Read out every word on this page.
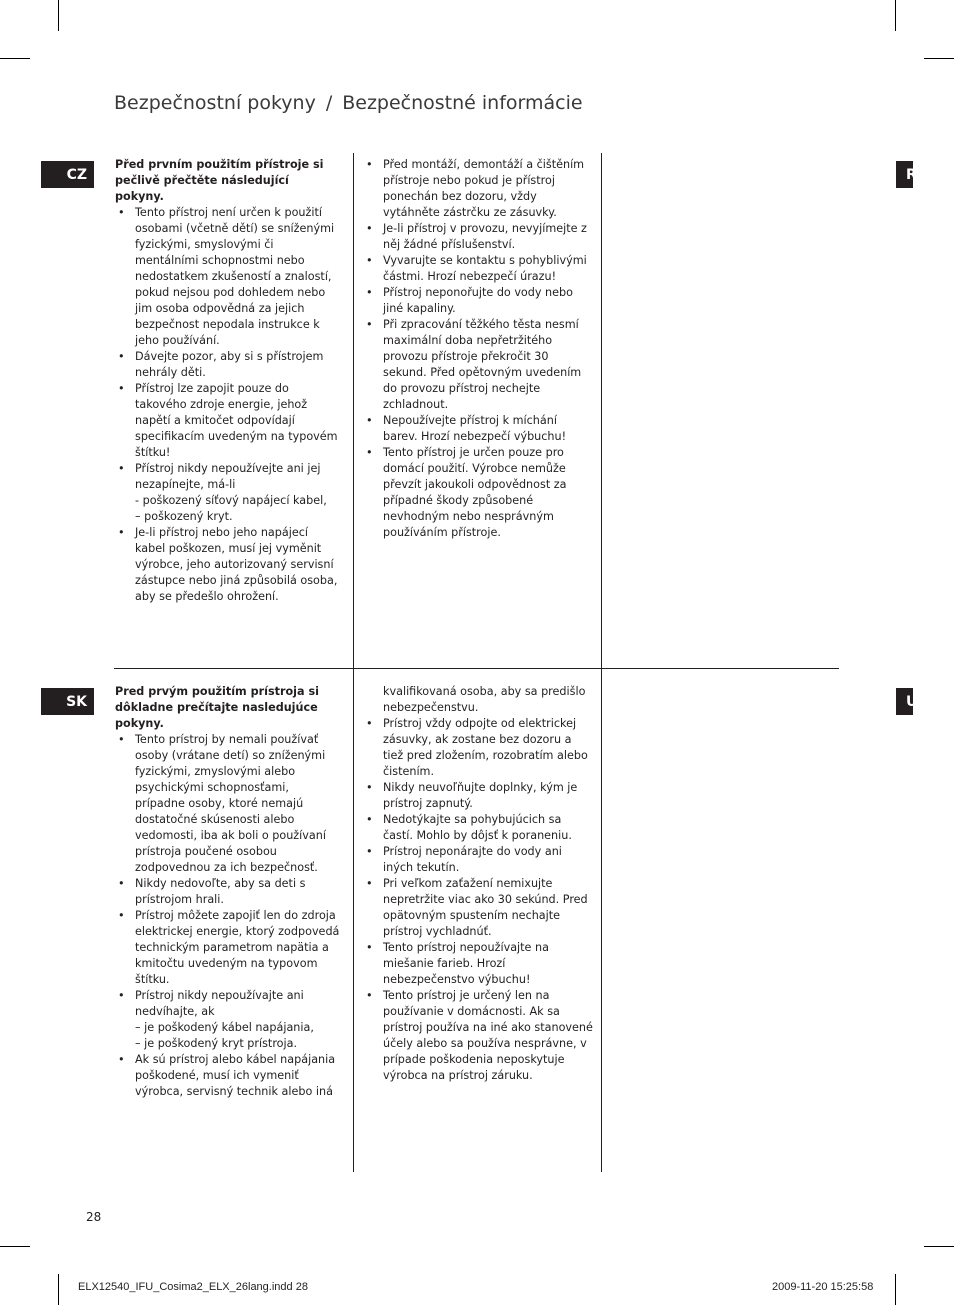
Bezpečnostní pokyny / Bezpečnostné informácie
CZ
SK
R
U
Před prvním použitím přístroje si pečlivě přečtěte následující pokyny.
• Tento přístroj není určen k použití osobami (včetně dětí) se sníženými fyzickými, smyslovými či mentálními schopnostmi nebo nedostatkem zkušeností a znalostí, pokud nejsou pod dohledem nebo jim osoba odpovědná za jejich bezpečnost nepodala instrukce k jeho používání.
• Dávejte pozor, aby si s přístrojem nehrály děti.
• Přístroj lze zapojit pouze do takového zdroje energie, jehož napětí a kmitočet odpovídají specifikacím uvedeným na typovém štítku!
• Přístroj nikdy nepoužívejte ani jej nezapínejte, má-li
- poškozený síťový napájecí kabel,
– poškozený kryt.
• Je-li přístroj nebo jeho napájecí kabel poškozen, musí jej vyměnit výrobce, jeho autorizovaný servisní zástupce nebo jiná způsobilá osoba, aby se předešlo ohrožení.
• Před montáží, demontáží a čištěním přístroje nebo pokud je přístroj ponechán bez dozoru, vždy vytáhněte zástrčku ze zásuvky.
• Je-li přístroj v provozu, nevyjímejte z něj žádné příslušenství.
• Vyvarujte se kontaktu s pohyblivými částmi. Hrozí nebezpečí úrazu!
• Přístroj neponořujte do vody nebo jiné kapaliny.
• Při zpracování těžkého těsta nesmí maximální doba nepřetržitého provozu přístroje překročit 30 sekund. Před opětovným uvedením do provozu přístroj nechejte zchladnout.
• Nepoužívejte přístroj k míchání barev. Hrozí nebezpečí výbuchu!
• Tento přístroj je určen pouze pro domácí použití. Výrobce nemůže převzít jakoukoli odpovědnost za případné škody způsobené nevhodným nebo nesprávným používáním přístroje.
Pred prvým použitím prístroja si dôkladne prečítajte nasledujúce pokyny.
• Tento prístroj by nemali používať osoby (vrátane detí) so zníženými fyzickými, zmyslovými alebo psychickými schopnosťami, prípadne osoby, ktoré nemajú dostatočné skúsenosti alebo vedomosti, iba ak boli o používaní prístroja poučené osobou zodpovednou za ich bezpečnosť.
• Nikdy nedovoľte, aby sa deti s prístrojom hrali.
• Prístroj môžete zapojiť len do zdroja elektrickej energie, ktorý zodpovedá technickým parametrom napätia a kmitočtu uvedeným na typovom štítku.
• Prístroj nikdy nepoužívajte ani nedvíhajte, ak
– je poškodený kábel napájania,
– je poškodený kryt prístroja.
• Ak sú prístroj alebo kábel napájania poškodené, musí ich vymeniť výrobca, servisný technik alebo iná
kvalifikovaná osoba, aby sa predišlo nebezpečenstvu.
• Prístroj vždy odpojte od elektrickej zásuvky, ak zostane bez dozoru a tiež pred zložením, rozobratím alebo čistením.
• Nikdy neuvoľňujte doplnky, kým je prístroj zapnutý.
• Nedotýkajte sa pohybujúcich sa častí. Mohlo by dôjsť k poraneniu.
• Prístroj neponárajte do vody ani iných tekutín.
• Pri veľkom zaťažení nemixujte nepretržite viac ako 30 sekúnd. Pred opätovným spustením nechajte prístroj vychladnúť.
• Tento prístroj nepoužívajte na miešanie farieb. Hrozí nebezpečenstvo výbuchu!
• Tento prístroj je určený len na používanie v domácnosti. Ak sa prístroj používa na iné ako stanovené účely alebo sa používa nesprávne, v prípade poškodenia neposkytuje výrobca na prístroj záruku.
28
ELX12540_IFU_Cosima2_ELX_26lang.indd 28	2009-11-20 15:25:58
